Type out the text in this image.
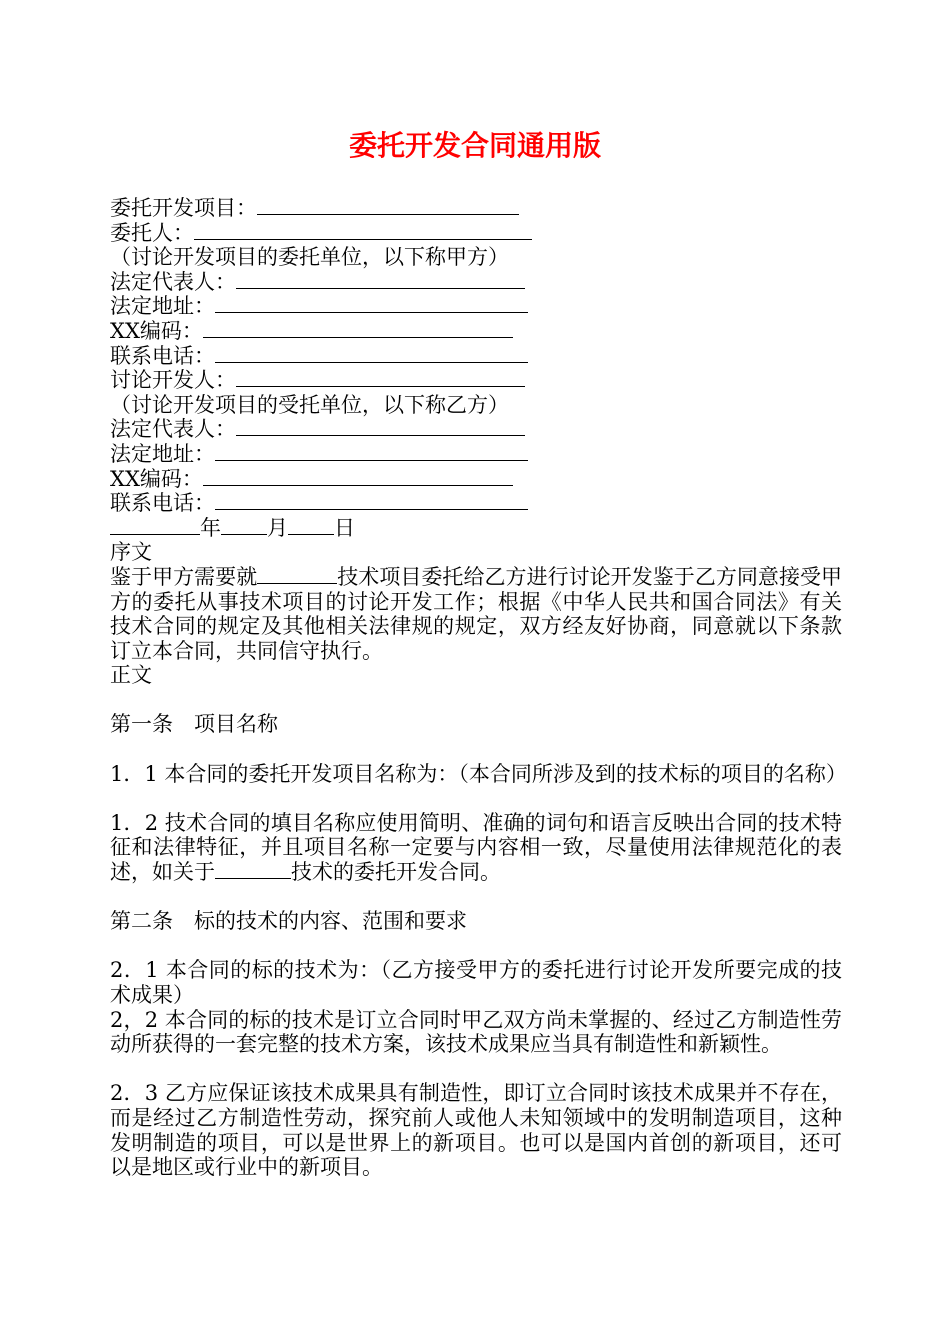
委托开发合同通用版
委托开发项目：
委托人：
（讨论开发项目的委托单位，以下称甲方）
法定代表人：
法定地址：
XX编码：
联系电话：
讨论开发人：
（讨论开发项目的受托单位，以下称乙方）
法定代表人：
法定地址：
XX编码：
联系电话：
年 月 日
序文
鉴于甲方需要就	技术项目委托给乙方进行讨论开发鉴于乙方同意接受甲方的委托从事技术项目的讨论开发工作；根据《中华人民共和国合同法》有关技术合同的规定及其他相关法律规的规定，双方经友好协商，同意就以下条款订立本合同，共同信守执行。
正文
第一条　项目名称
1．1 本合同的委托开发项目名称为：（本合同所涉及到的技术标的项目的名称）
1．2 技术合同的填目名称应使用简明、准确的词句和语言反映出合同的技术特征和法律特征，并且项目名称一定要与内容相一致，尽量使用法律规范化的表述，如关于	技术的委托开发合同。
第二条　标的技术的内容、范围和要求
2．1 本合同的标的技术为：（乙方接受甲方的委托进行讨论开发所要完成的技术成果）
2，2 本合同的标的技术是订立合同时甲乙双方尚未掌握的、经过乙方制造性劳动所获得的一套完整的技术方案，该技术成果应当具有制造性和新颖性。
2．3 乙方应保证该技术成果具有制造性，即订立合同时该技术成果并不存在，而是经过乙方制造性劳动，探究前人或他人未知领域中的发明制造项目，这种发明制造的项目，可以是世界上的新项目。也可以是国内首创的新项目，还可以是地区或行业中的新项目。
